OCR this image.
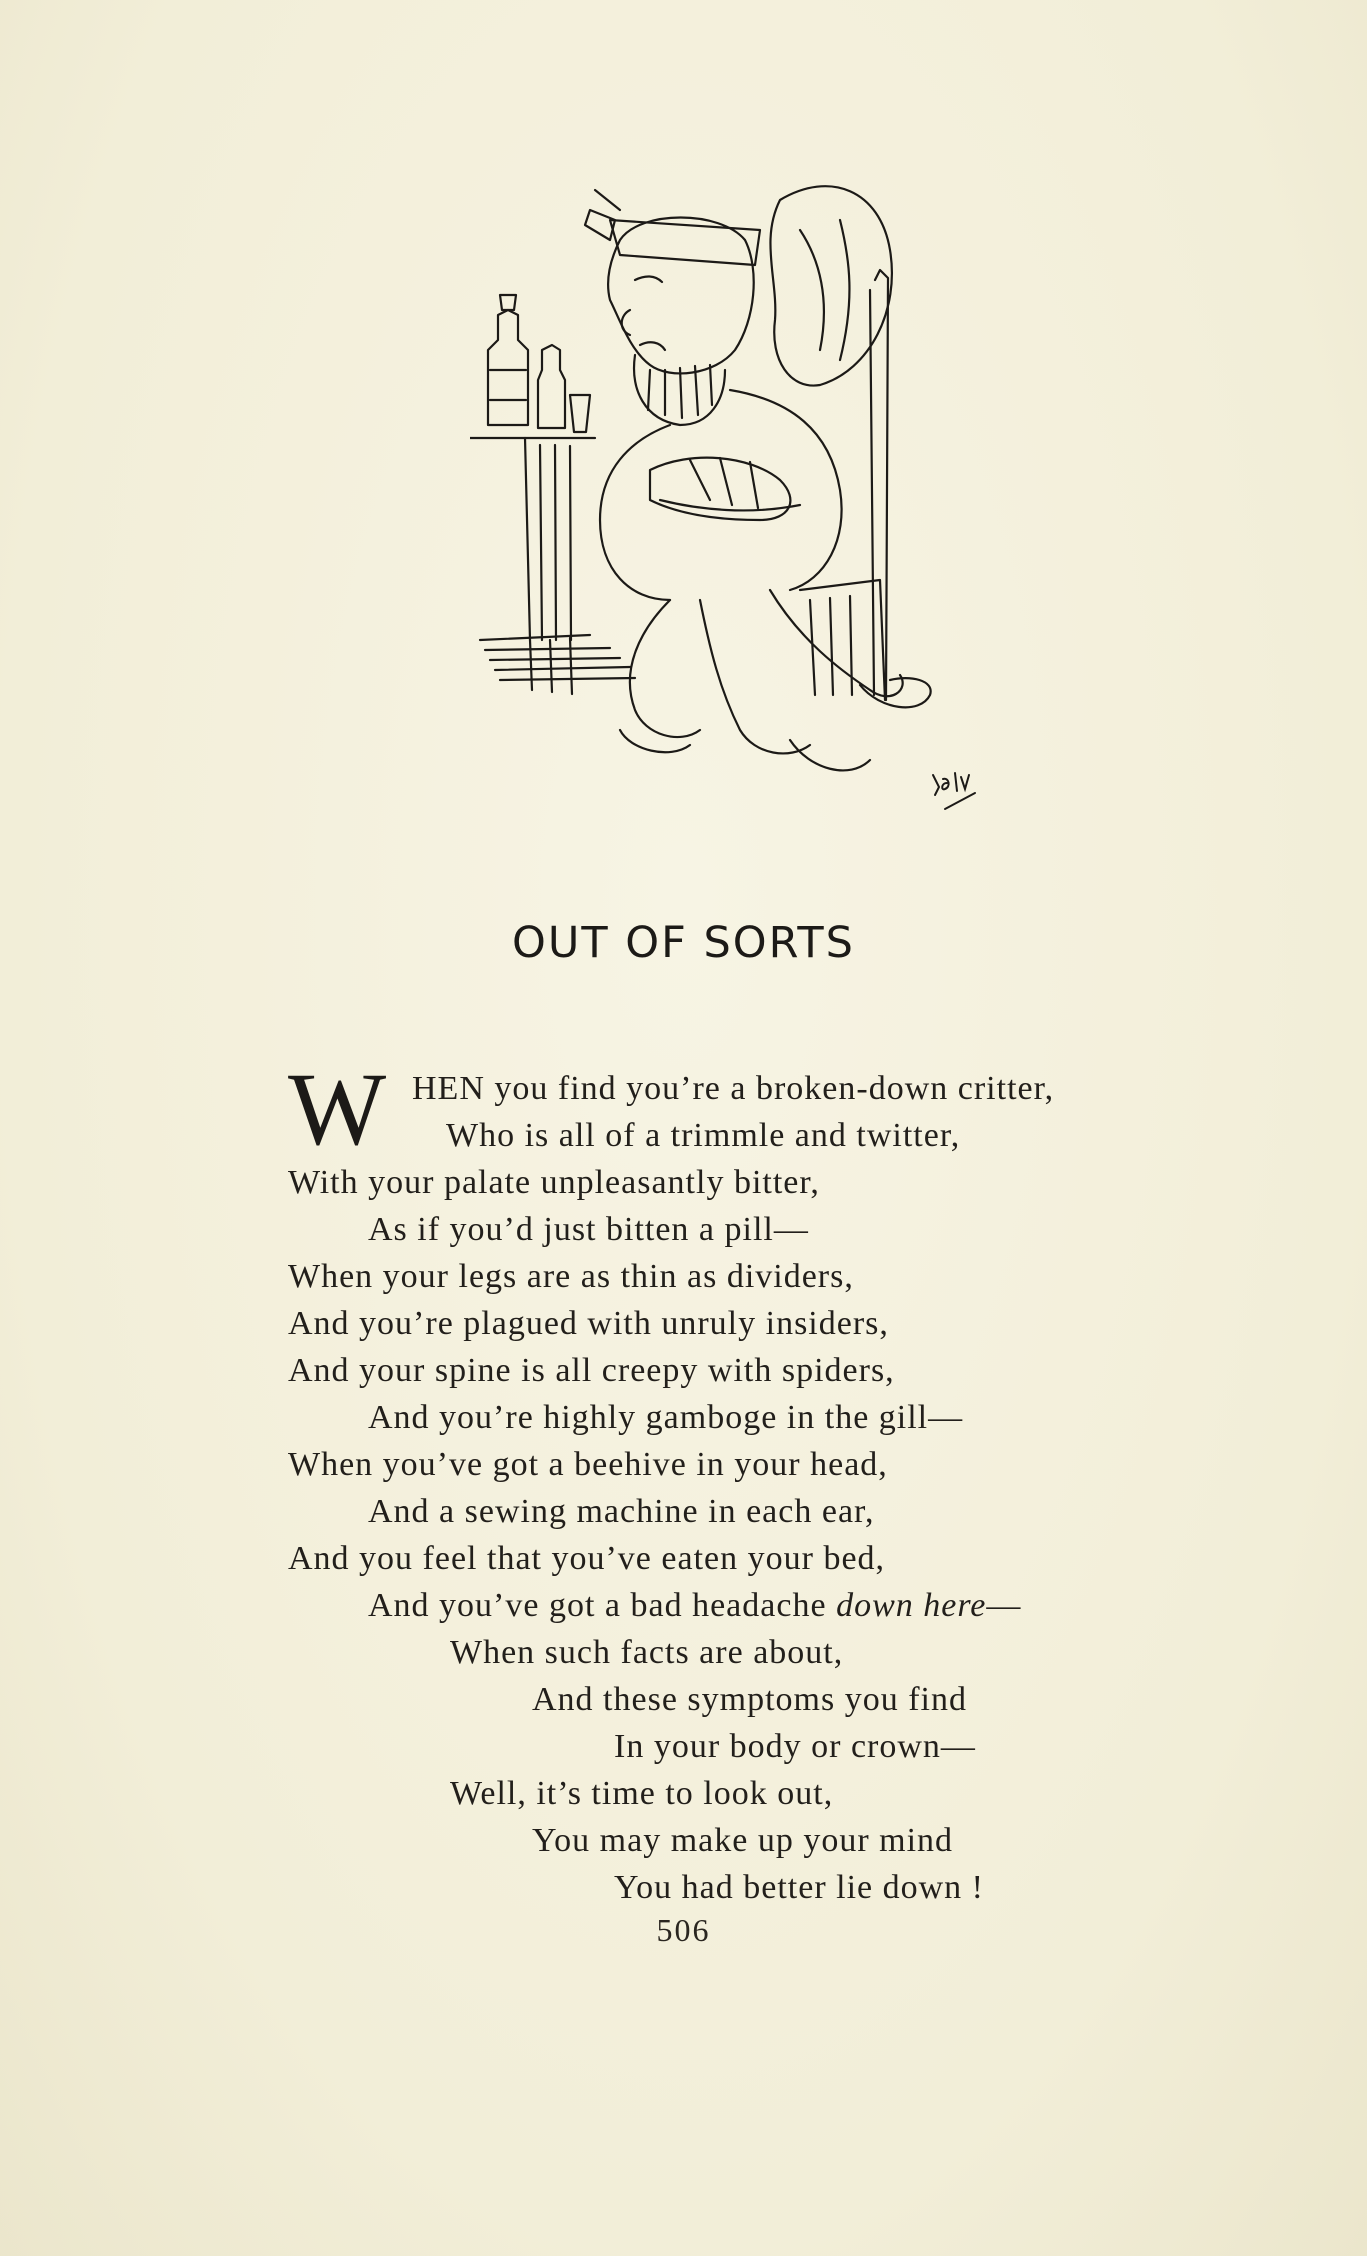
OUT OF SORTS
W HEN you find you’re a broken-down critter,
Who is all of a trimmle and twitter,
With your palate unpleasantly bitter,
As if you’d just bitten a pill—
When your legs are as thin as dividers,
And you’re plagued with unruly insiders,
And your spine is all creepy with spiders,
And you’re highly gamboge in the gill—
When you’ve got a beehive in your head,
And a sewing machine in each ear,
And you feel that you’ve eaten your bed,
And you’ve got a bad headache down here—
When such facts are about,
And these symptoms you find
In your body or crown—
Well, it’s time to look out,
You may make up your mind
You had better lie down !
506
